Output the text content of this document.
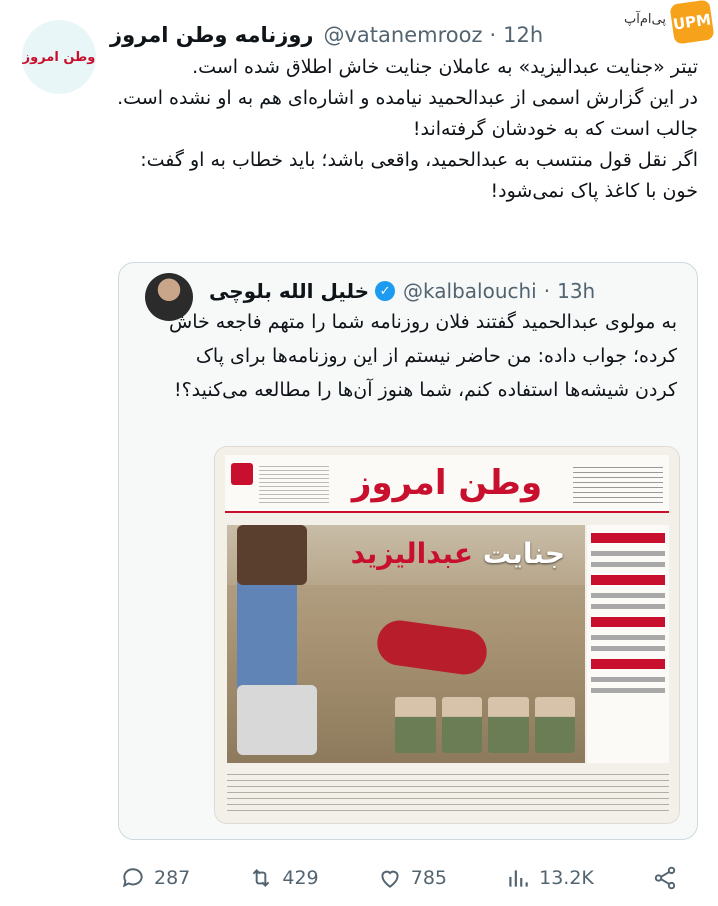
پی‌ام‌آپ UPM
وطن امروز
روزنامه وطن امروز @vatanemrooz · 12h

تیتر «جنایت عبدالیزید» به عاملان جنایت خاش اطلاق شده است.

در این گزارش اسمی از عبدالحمید نیامده و اشاره‌ای هم به او نشده است.

جالب است که به خودشان گرفته‌اند!

اگر نقل قول منتسب به عبدالحمید، واقعی باشد؛ باید خطاب به او گفت: خون با کاغذ پاک نمی‌شود!

خلیل الله بلوچی ✓ @kalbalouchi · 13h
به مولوی عبدالحمید گفتند فلان روزنامه شما را متهم فاجعه خاش کرده؛ جواب داده: من حاضر نیستم از این روزنامه‌ها برای پاک کردن شیشه‌ها استفاده کنم، شما هنوز آن‌ها را مطالعه می‌کنید؟!
وطن امروز
جنایت عبدالیزید
287	429	785	13.2K
